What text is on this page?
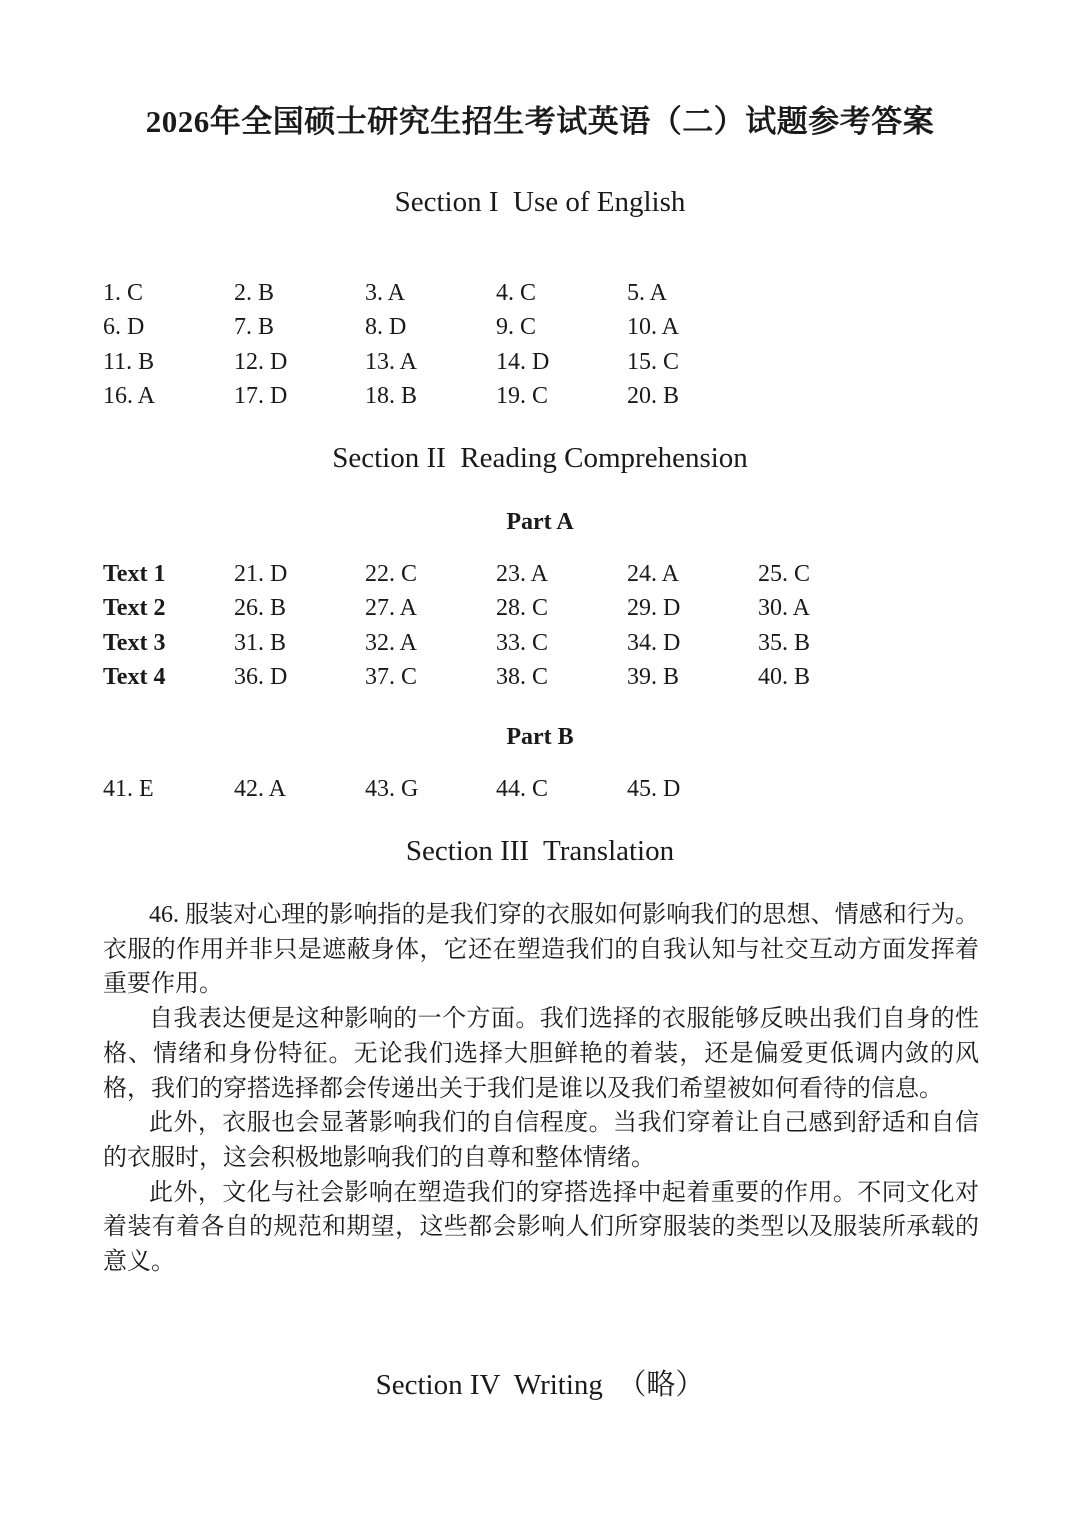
2026年全国硕士研究生招生考试英语（二）试题参考答案
Section I  Use of English
1. C	2. B	3. A	4. C	5. A
6. D	7. B	8. D	9. C	10. A
11. B	12. D	13. A	14. D	15. C
16. A	17. D	18. B	19. C	20. B
Section II  Reading Comprehension
Part A
Text 1	21. D	22. C	23. A	24. A	25. C
Text 2	26. B	27. A	28. C	29. D	30. A
Text 3	31. B	32. A	33. C	34. D	35. B
Text 4	36. D	37. C	38. C	39. B	40. B
Part B
41. E	42. A	43. G	44. C	45. D
Section III  Translation

46. 服装对心理的影响指的是我们穿的衣服如何影响我们的思想、情感和行为。衣服的作用并非只是遮蔽身体，它还在塑造我们的自我认知与社交互动方面发挥着重要作用。

自我表达便是这种影响的一个方面。我们选择的衣服能够反映出我们自身的性格、情绪和身份特征。无论我们选择大胆鲜艳的着装，还是偏爱更低调内敛的风格，我们的穿搭选择都会传递出关于我们是谁以及我们希望被如何看待的信息。

此外，衣服也会显著影响我们的自信程度。当我们穿着让自己感到舒适和自信的衣服时，这会积极地影响我们的自尊和整体情绪。

此外，文化与社会影响在塑造我们的穿搭选择中起着重要的作用。不同文化对着装有着各自的规范和期望，这些都会影响人们所穿服装的类型以及服装所承载的意义。

Section IV  Writing  （略）
